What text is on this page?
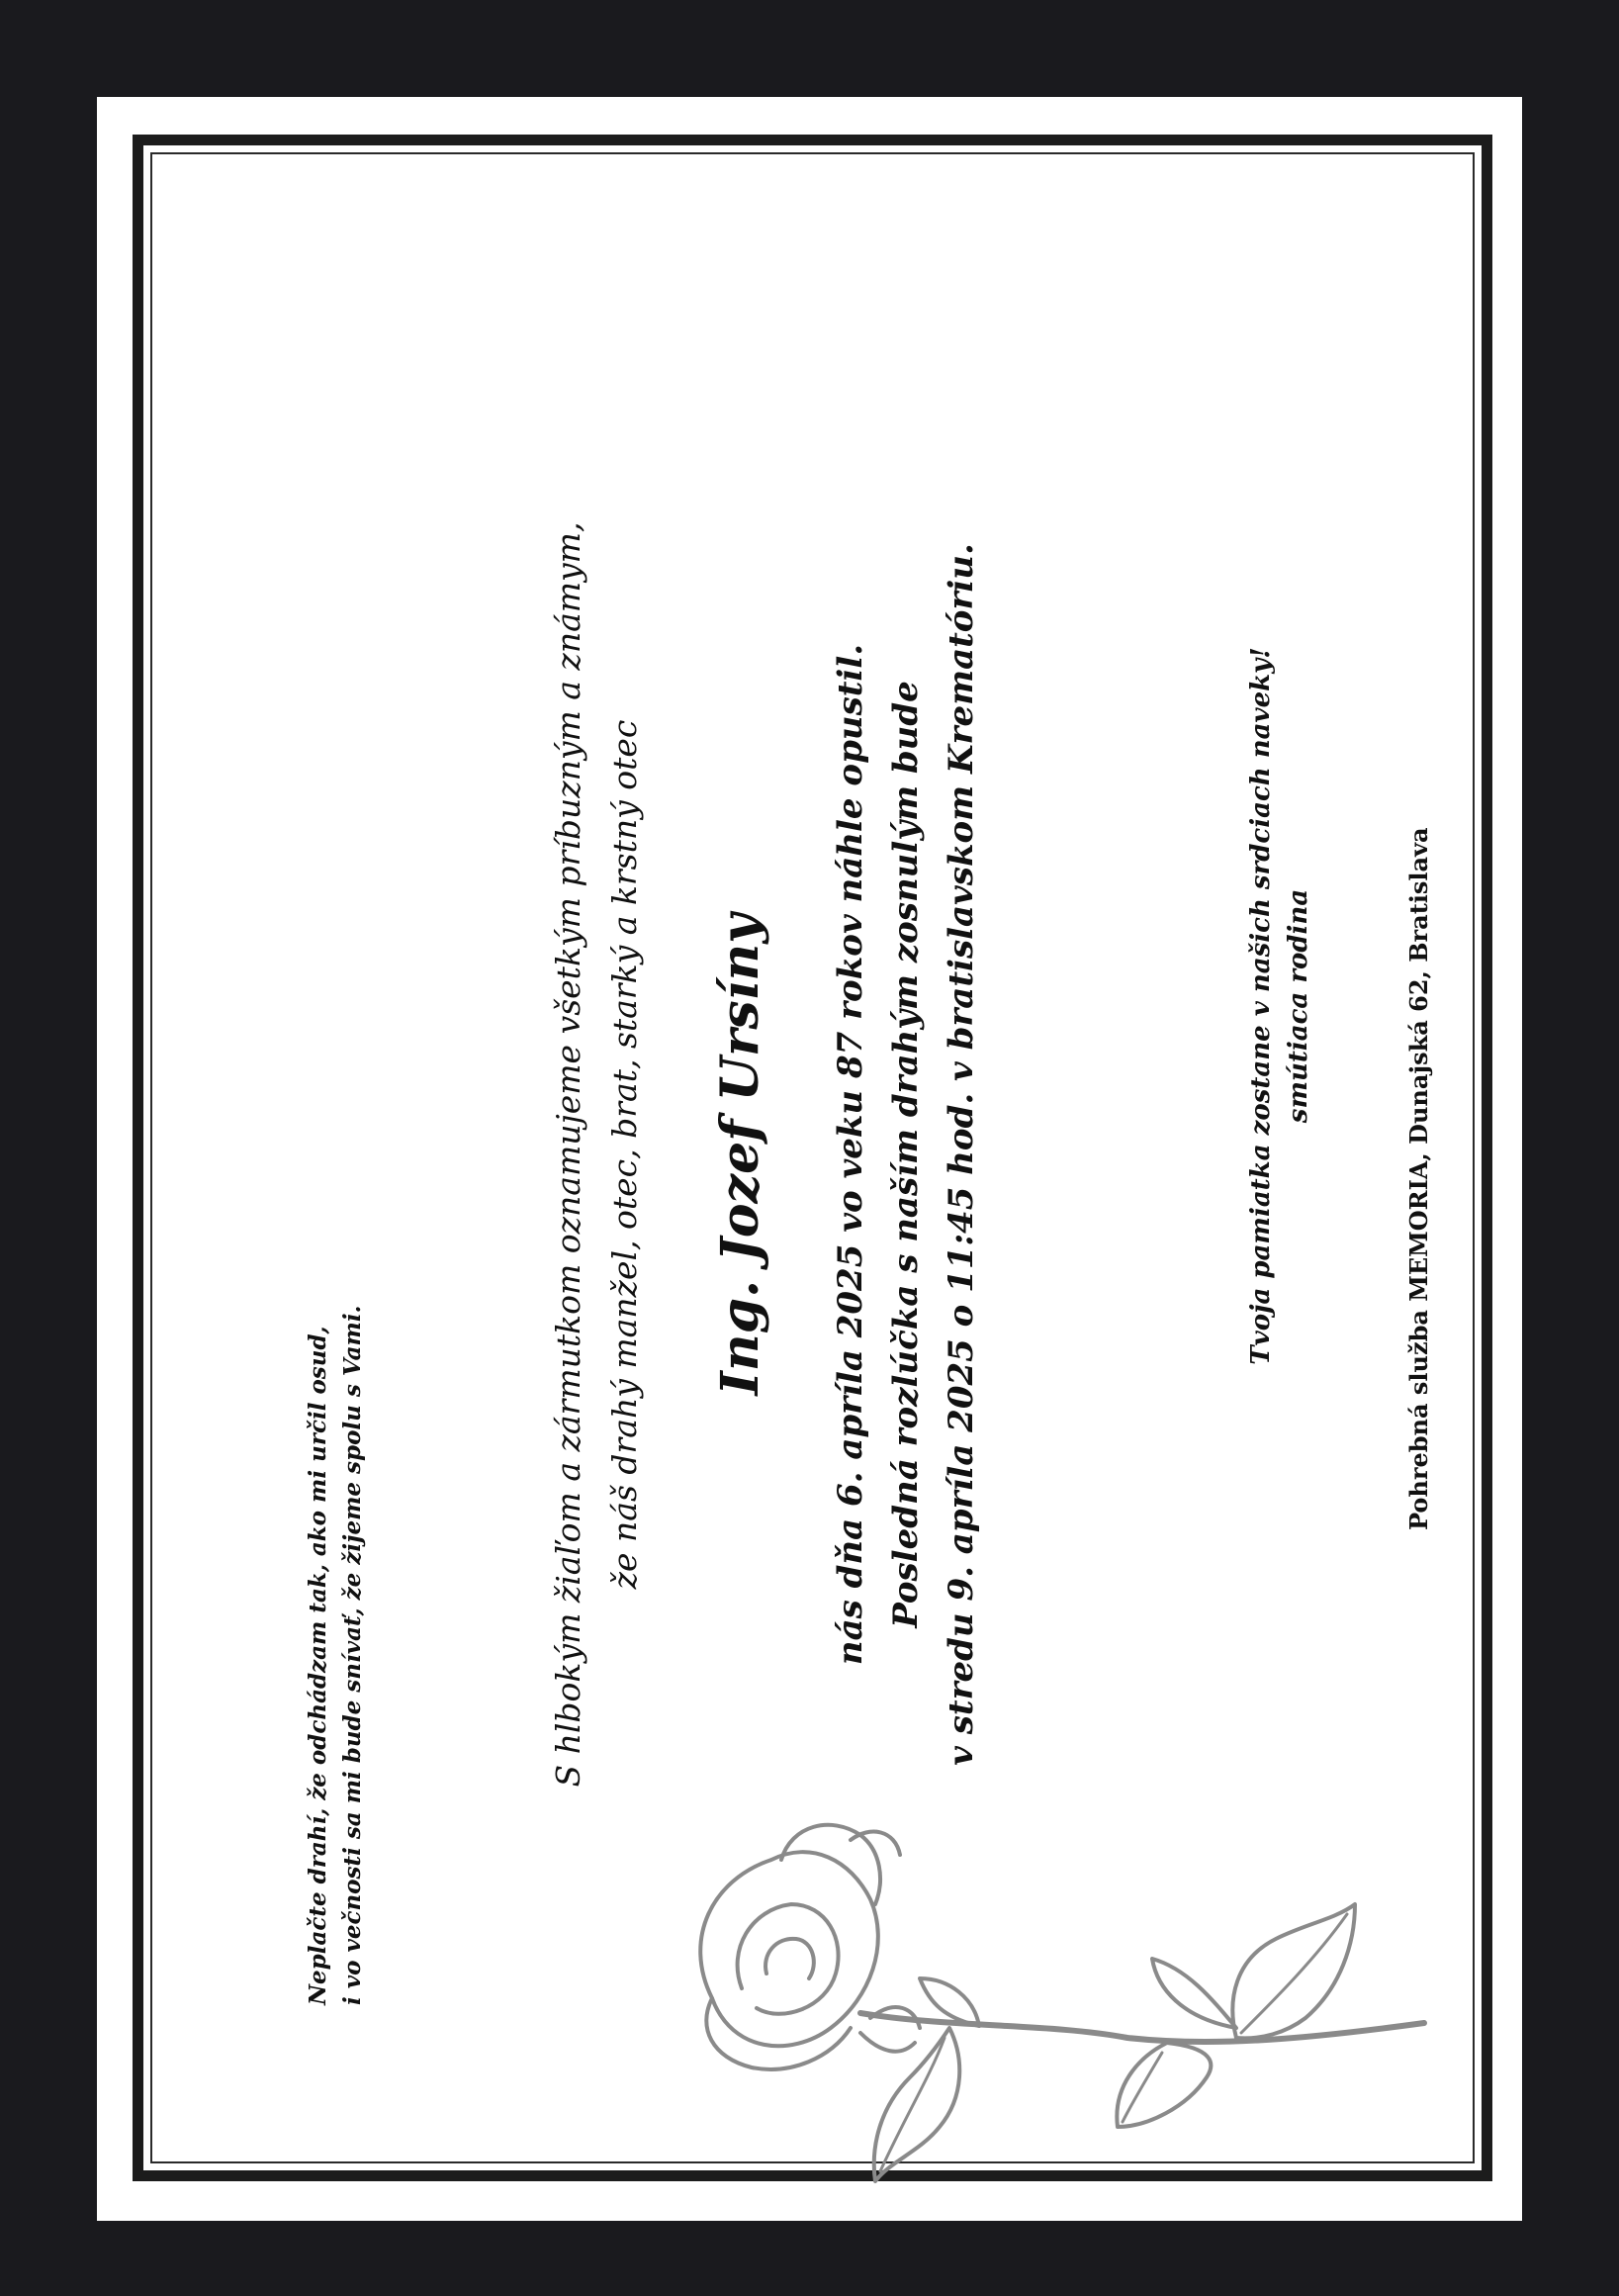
Neplačte drahí, že odchádzam tak, ako mi určil osud, i vo večnosti sa mi bude snívať, že žijeme spolu s Vami.	S hlbokým žiaľom a zármutkom oznamujeme všetkým príbuzným a známym, že náš drahý manžel, otec, brat, starký a krstný otec Ing. Jozef Ursíny nás dňa 6. apríla 2025 vo veku 87 rokov náhle opustil. Posledná rozlúčka s naším drahým zosnulým bude v stredu 9. apríla 2025 o 11:45 hod. v bratislavskom Krematóriu.	Tvoja pamiatka zostane v našich srdciach naveky! smútiaca rodina	Pohrebná služba MEMORIA, Dunajská 62, Bratislava
